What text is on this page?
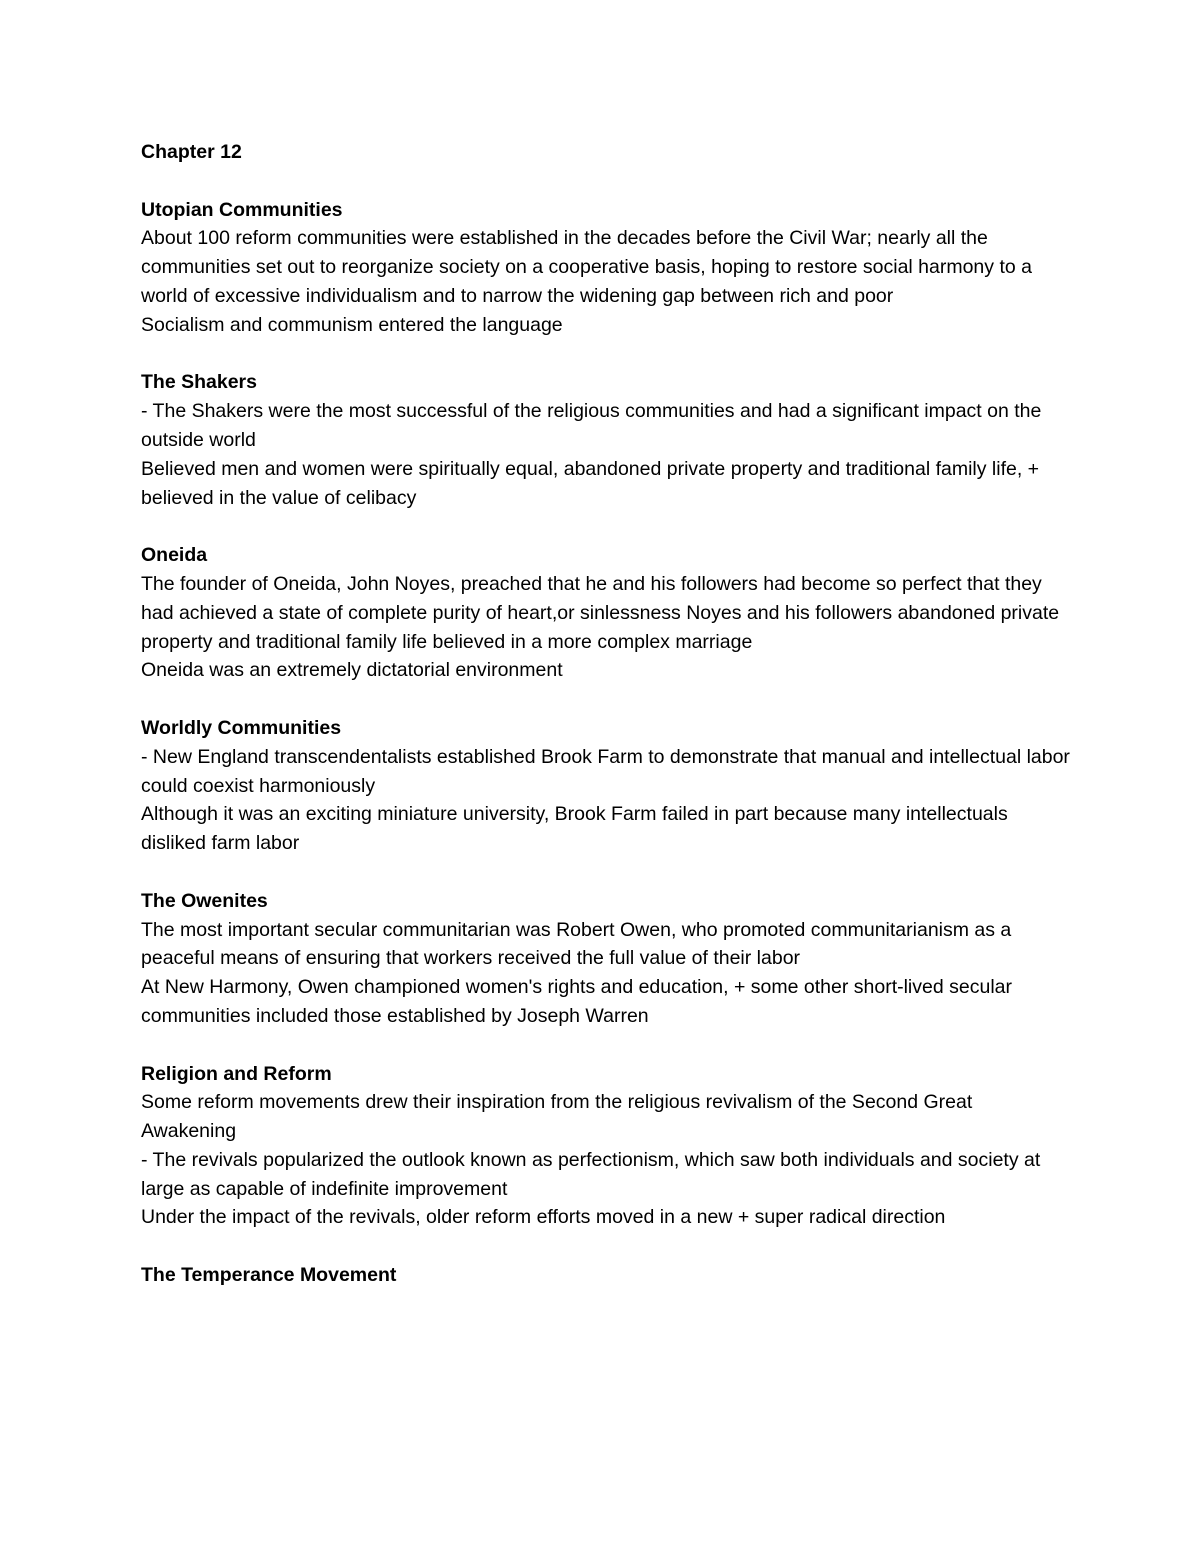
Chapter 12
Utopian Communities
About 100 reform communities were established in the decades before the Civil War; nearly all the communities set out to reorganize society on a cooperative basis, hoping to restore social harmony to a world of excessive individualism and to narrow the widening gap between rich and poor
Socialism and communism entered the language
The Shakers
- The Shakers were the most successful of the religious communities and had a significant impact on the outside world
Believed men and women were spiritually equal, abandoned private property and traditional family life, + believed in the value of celibacy
Oneida
The founder of Oneida, John Noyes, preached that he and his followers had become so perfect that they had achieved a state of complete purity of heart,or sinlessness Noyes and his followers abandoned private property and traditional family life believed in a more complex marriage
Oneida was an extremely dictatorial environment
Worldly Communities
- New England transcendentalists established Brook Farm to demonstrate that manual and intellectual labor could coexist harmoniously
Although it was an exciting miniature university, Brook Farm failed in part because many intellectuals disliked farm labor
The Owenites
The most important secular communitarian was Robert Owen, who promoted communitarianism as a peaceful means of ensuring that workers received the full value of their labor
At New Harmony, Owen championed women's rights and education, + some other short-lived secular communities included those established by Joseph Warren
Religion and Reform
Some reform movements drew their inspiration from the religious revivalism of the Second Great Awakening
- The revivals popularized the outlook known as perfectionism, which saw both individuals and society at large as capable of indefinite improvement
Under the impact of the revivals, older reform efforts moved in a new + super radical direction
The Temperance Movement
